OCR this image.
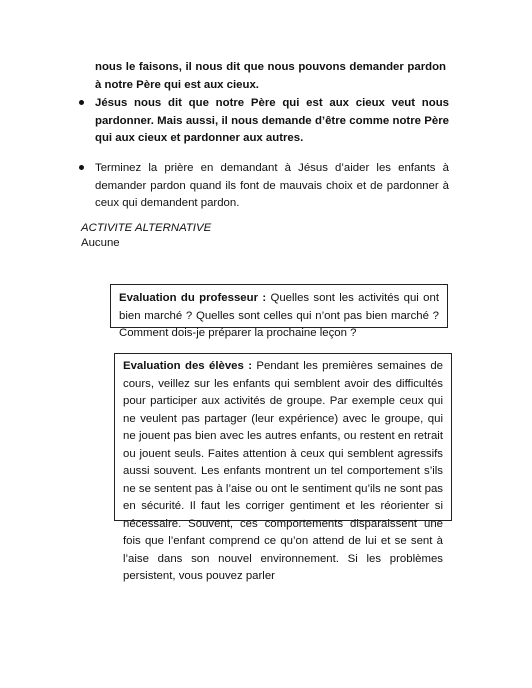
nous le faisons, il nous dit que nous pouvons demander pardon à notre Père qui est aux cieux.

Jésus nous dit que notre Père qui est aux cieux veut nous pardonner. Mais aussi, il nous demande d’être comme notre Père qui aux cieux et pardonner aux autres.
Terminez la prière en demandant à Jésus d’aider les enfants à demander pardon quand ils font de mauvais choix et de pardonner à ceux qui demandent pardon.

ACTIVITE ALTERNATIVE

Aucune

Evaluation du professeur : Quelles sont les activités qui ont bien marché ? Quelles sont celles qui n’ont pas bien marché ? Comment dois-je préparer la prochaine leçon ?

Evaluation des élèves : Pendant les premières semaines de cours, veillez sur les enfants qui semblent avoir des difficultés pour participer aux activités de groupe. Par exemple ceux qui ne veulent pas partager (leur expérience) avec le groupe, qui ne jouent pas bien avec les autres enfants, ou restent en retrait ou jouent seuls. Faites attention à ceux qui semblent agressifs aussi souvent. Les enfants montrent un tel comportement s’ils ne se sentent pas à l’aise ou ont le sentiment qu’ils ne sont pas en sécurité. Il faut les corriger gentiment et les réorienter si nécessaire. Souvent, ces comportements disparaissent une fois que l’enfant comprend ce qu’on attend de lui et se sent à l’aise dans son nouvel environnement. Si les problèmes persistent, vous pouvez parler
